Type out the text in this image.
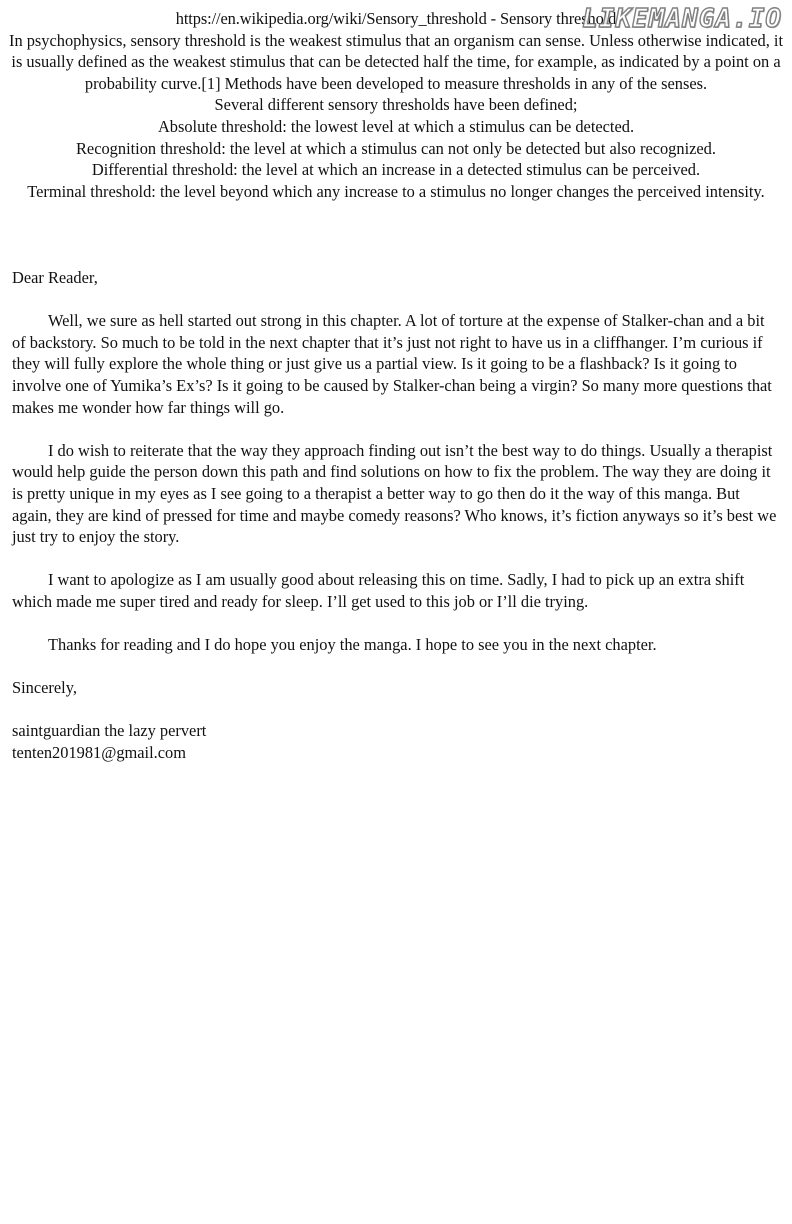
https://en.wikipedia.org/wiki/Sensory_threshold - Sensory threshold

In psychophysics, sensory threshold is the weakest stimulus that an organism can sense. Unless otherwise indicated, it is usually defined as the weakest stimulus that can be detected half the time, for example, as indicated by a point on a probability curve.[1] Methods have been developed to measure thresholds in any of the senses.

Several different sensory thresholds have been defined;

Absolute threshold: the lowest level at which a stimulus can be detected.

Recognition threshold: the level at which a stimulus can not only be detected but also recognized.

Differential threshold: the level at which an increase in a detected stimulus can be perceived.

Terminal threshold: the level beyond which any increase to a stimulus no longer changes the perceived intensity.

LIKEMANGA.IO

Dear Reader,

Well, we sure as hell started out strong in this chapter. A lot of torture at the expense of Stalker-chan and a bit of backstory. So much to be told in the next chapter that it’s just not right to have us in a cliffhanger. I’m curious if they will fully explore the whole thing or just give us a partial view. Is it going to be a flashback? Is it going to involve one of Yumika’s Ex’s? Is it going to be caused by Stalker-chan being a virgin? So many more questions that makes me wonder how far things will go.

I do wish to reiterate that the way they approach finding out isn’t the best way to do things. Usually a therapist would help guide the person down this path and find solutions on how to fix the problem. The way they are doing it is pretty unique in my eyes as I see going to a therapist a better way to go then do it the way of this manga. But again, they are kind of pressed for time and maybe comedy reasons? Who knows, it’s fiction anyways so it’s best we just try to enjoy the story.

I want to apologize as I am usually good about releasing this on time. Sadly, I had to pick up an extra shift which made me super tired and ready for sleep. I’ll get used to this job or I’ll die trying.

Thanks for reading and I do hope you enjoy the manga. I hope to see you in the next chapter.

Sincerely,

saintguardian the lazy pervert

tenten201981@gmail.com
